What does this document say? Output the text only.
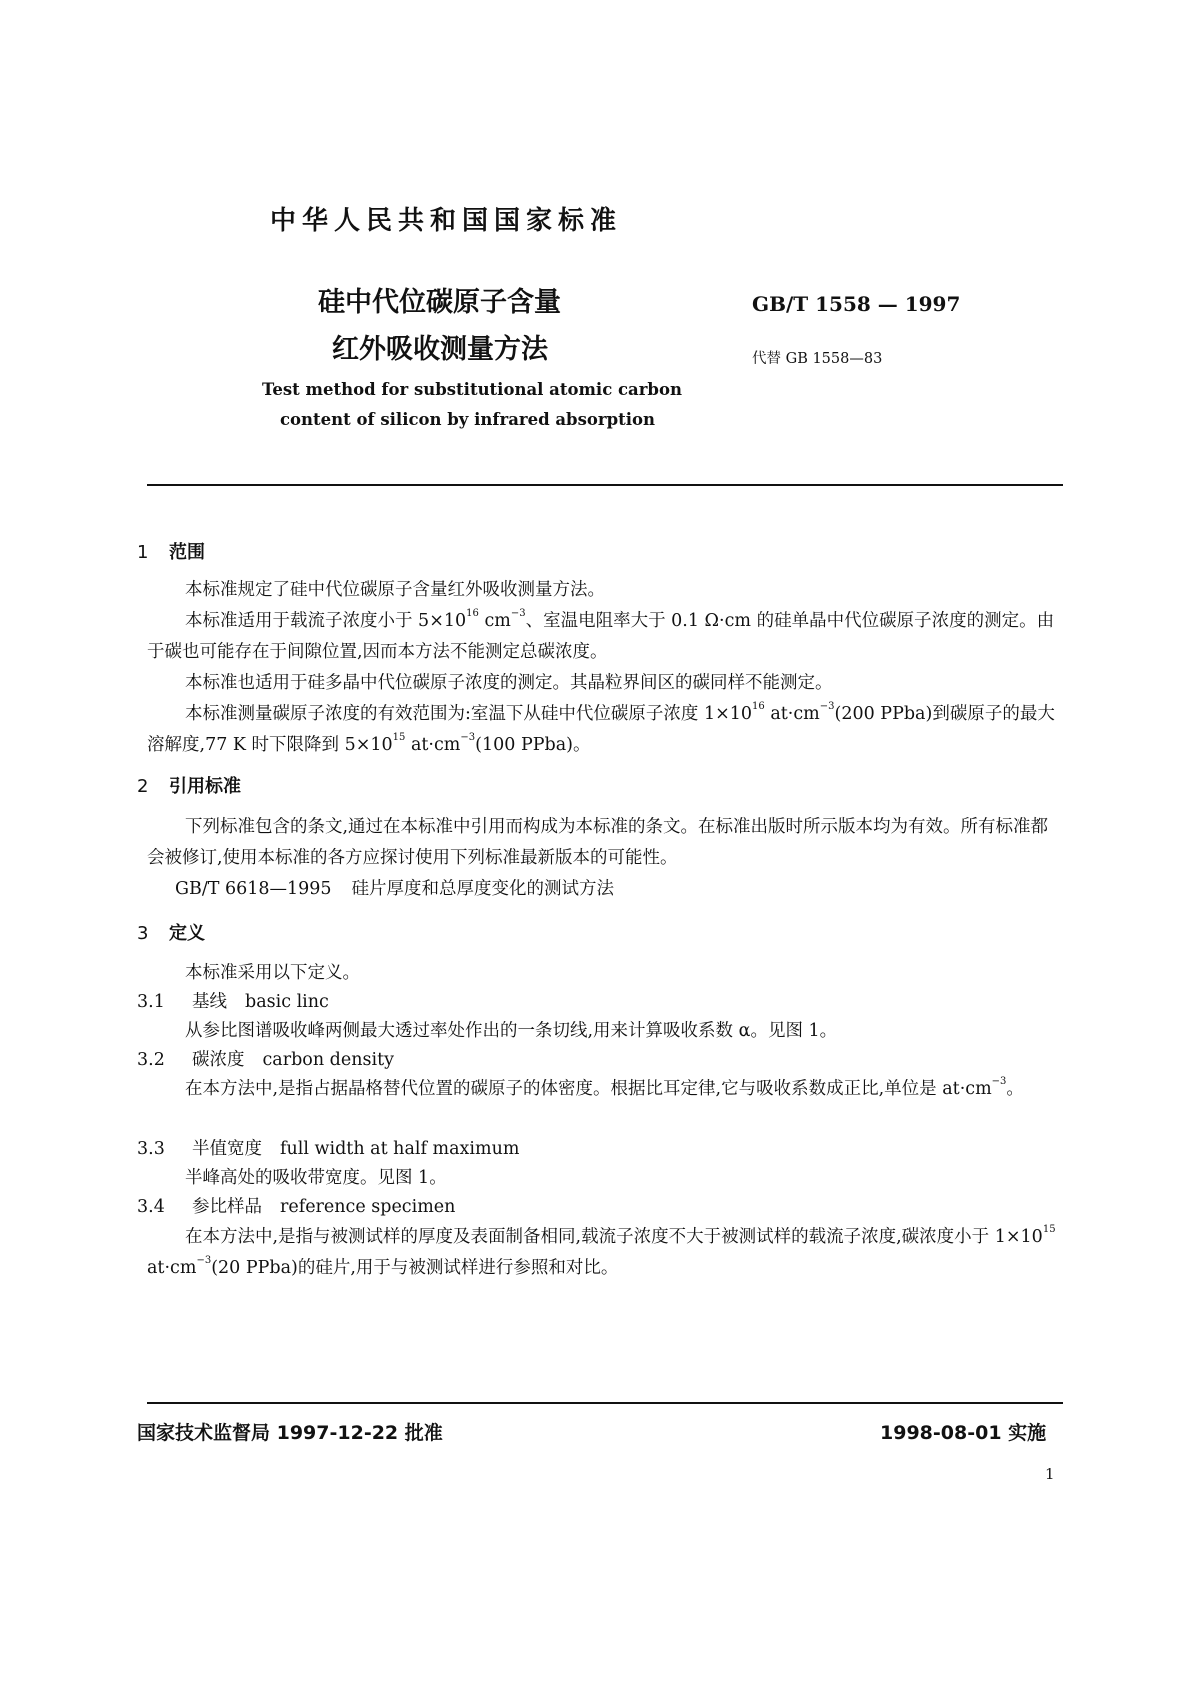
中华人民共和国国家标准
硅中代位碳原子含量
红外吸收测量方法
GB/T 1558 — 1997
代替 GB 1558—83
Test method for substitutional atomic carbon
content of silicon by infrared absorption
1 范围
本标准规定了硅中代位碳原子含量红外吸收测量方法。
本标准适用于载流子浓度小于 $5\times 10^{16}$ $cm^{-3}$、室温电阻率大于 0.1 Ω·cm 的硅单晶中代位碳原子浓度的测定。由于碳也可能存在于间隙位置,因而本方法不能测定总碳浓度。
本标准也适用于硅多晶中代位碳原子浓度的测定。其晶粒界间区的碳同样不能测定。
本标准测量碳原子浓度的有效范围为:室温下从硅中代位碳原子浓度 $1\times 10^{16}$ $at\cdot cm^{-3}(200$ PPba)到碳原子的最大溶解度,77 K 时下限降到 $5\times 10^{15}$ $at\cdot cm^{-3}(100$ PPba)。
2 引用标准
下列标准包含的条文,通过在本标准中引用而构成为本标准的条文。在标准出版时所示版本均为有效。所有标准都会被修订,使用本标准的各方应探讨使用下列标准最新版本的可能性。
GB/T 6618—1995 硅片厚度和总厚度变化的测试方法
3 定义
本标准采用以下定义。
3.1 基线 basic linc
从参比图谱吸收峰两侧最大透过率处作出的一条切线,用来计算吸收系数 α。见图 1。
3.2 碳浓度 carbon density
在本方法中,是指占据晶格替代位置的碳原子的体密度。根据比耳定律,它与吸收系数成正比,单位是 $at\cdot cm^{-3}$。
3.3 半值宽度 full width at half maximum
半峰高处的吸收带宽度。见图 1。
3.4 参比样品 reference specimen
在本方法中,是指与被测试样的厚度及表面制备相同,载流子浓度不大于被测试样的载流子浓度,碳浓度小于 $1\times 10^{15}$ $at\cdot cm^{-3}(20$ PPba)的硅片,用于与被测试样进行参照和对比。
国家技术监督局 1997-12-22 批准	1998-08-01 实施
1
